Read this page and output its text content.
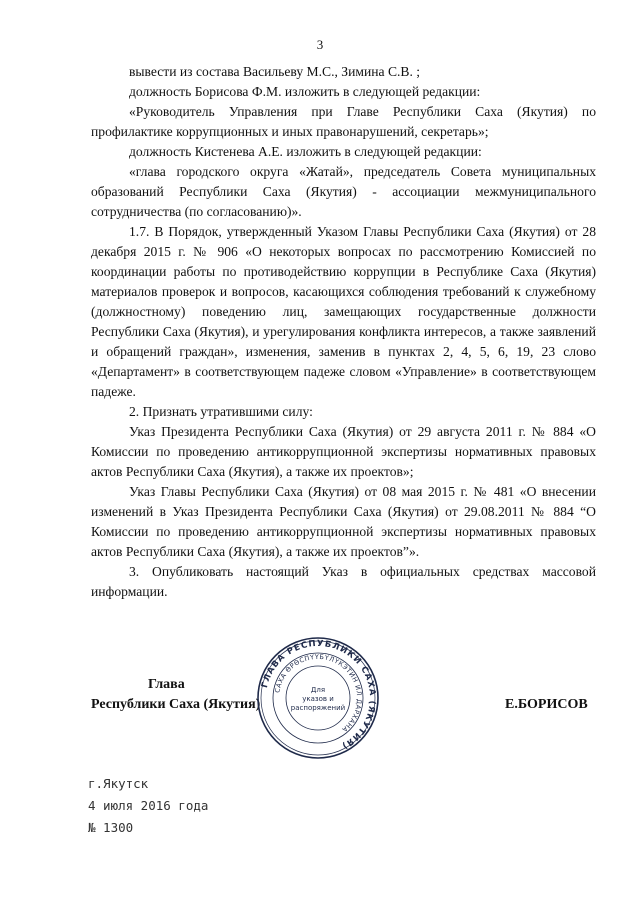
3

вывести из состава Васильеву М.С., Зимина С.В. ;

должность Борисова Ф.М. изложить в следующей редакции:

«Руководитель Управления при Главе Республики Саха (Якутия) по профилактике коррупционных и иных правонарушений, секретарь»;

должность Кистенева А.Е. изложить в следующей редакции:

«глава городского округа «Жатай», председатель Совета муниципальных образований Республики Саха (Якутия) - ассоциации межмуниципального сотрудничества (по согласованию)».

1.7. В Порядок, утвержденный Указом Главы Республики Саха (Якутия) от 28 декабря 2015 г. № 906 «О некоторых вопросах по рассмотрению Комиссией по координации работы по противодействию коррупции в Республике Саха (Якутия) материалов проверок и вопросов, касающихся соблюдения требований к служебному (должностному) поведению лиц, замещающих государственные должности Республики Саха (Якутия), и урегулирования конфликта интересов, а также заявлений и обращений граждан», изменения, заменив в пунктах 2, 4, 5, 6, 19, 23 слово «Департамент» в соответствующем падеже словом «Управление» в соответствующем падеже.

2. Признать утратившими силу:

Указ Президента Республики Саха (Якутия) от 29 августа 2011 г. № 884 «О Комиссии по проведению антикоррупционной экспертизы нормативных правовых актов Республики Саха (Якутия), а также их проектов»;

Указ Главы Республики Саха (Якутия) от 08 мая 2015 г. № 481 «О внесении изменений в Указ Президента Республики Саха (Якутия) от 29.08.2011 № 884 “О Комиссии по проведению антикоррупционной экспертизы нормативных правовых актов Республики Саха (Якутия), а также их проектов”».

3. Опубликовать настоящий Указ в официальных средствах массовой информации.

Глава
Республики Саха (Якутия)	Е.БОРИСОВ
ГЛАВА РЕСПУБЛИКИ САХА (ЯКУТИЯ)
САХА ӨРӨСПҮҮБҮЛҮКЭТИН ИЛ ДАРХАНА
Для
указов и
распоряжений
г.Якутск
4 июля 2016 года
№ 1300
